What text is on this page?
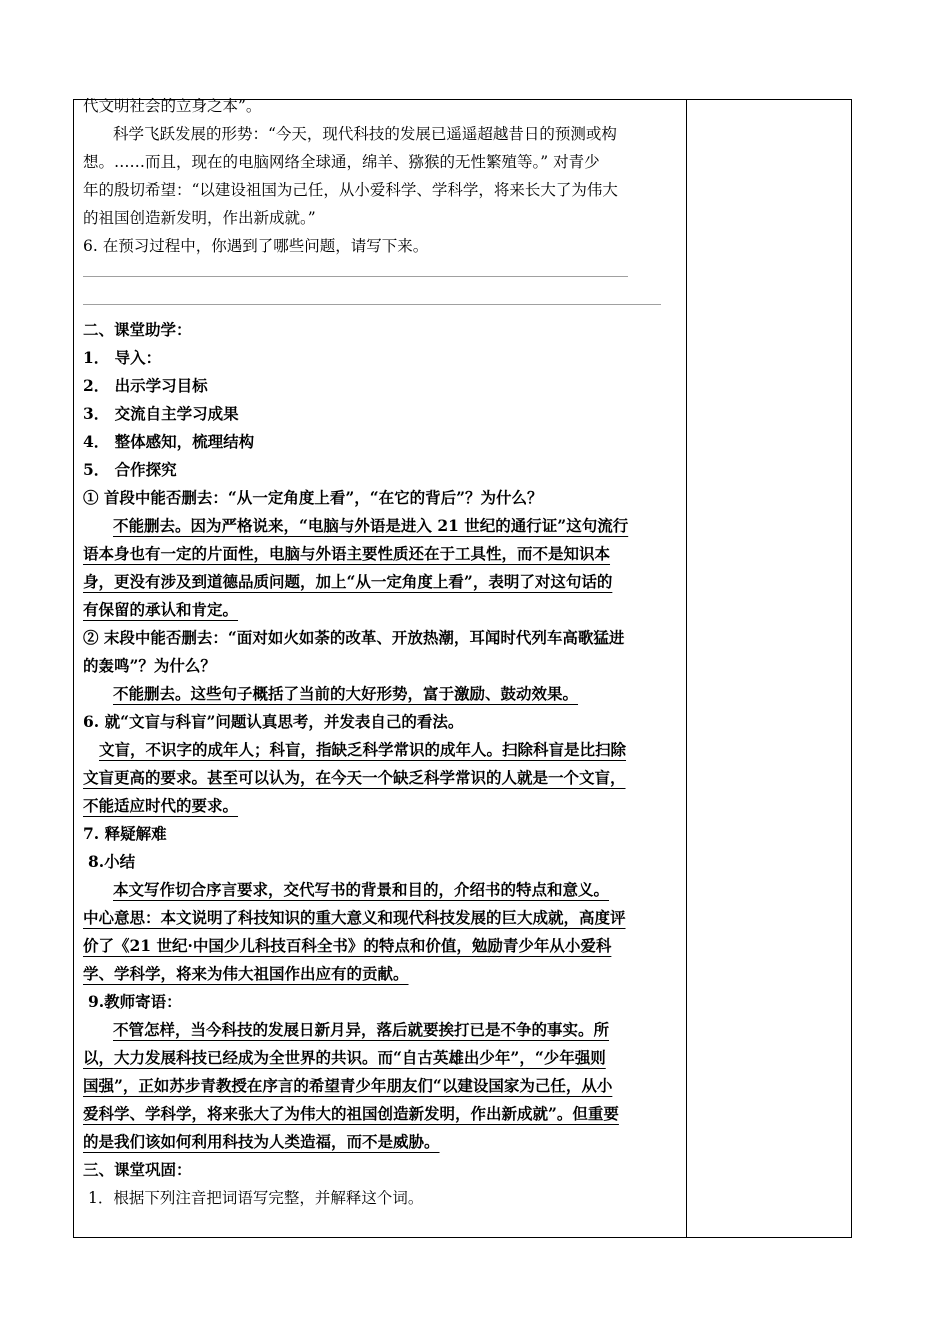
代文明社会的立身之本”。
科学飞跃发展的形势：“今天，现代科技的发展已遥遥超越昔日的预测或构
想。……而且，现在的电脑网络全球通，绵羊、猕猴的无性繁殖等。” 对青少
年的殷切希望：“以建设祖国为己任，从小爱科学、学科学，将来长大了为伟大
的祖国创造新发明，作出新成就。”
6. 在预习过程中，你遇到了哪些问题，请写下来。
二、课堂助学：
1． 导入：
2． 出示学习目标
3． 交流自主学习成果
4． 整体感知，梳理结构
5． 合作探究
① 首段中能否删去：“从一定角度上看”，“在它的背后”？为什么？
不能删去。因为严格说来，“电脑与外语是进入 21 世纪的通行证”这句流行
语本身也有一定的片面性，电脑与外语主要性质还在于工具性，而不是知识本
身，更没有涉及到道德品质问题，加上“从一定角度上看”，表明了对这句话的
有保留的承认和肯定。
② 末段中能否删去：“面对如火如荼的改革、开放热潮，耳闻时代列车高歌猛进
的轰鸣”？为什么？
不能删去。这些句子概括了当前的大好形势，富于激励、鼓动效果。
6. 就“文盲与科盲”问题认真思考，并发表自己的看法。
文盲，不识字的成年人；科盲，指缺乏科学常识的成年人。扫除科盲是比扫除
文盲更高的要求。甚至可以认为，在今天一个缺乏科学常识的人就是一个文盲，
不能适应时代的要求。
7. 释疑解难
8.小结
本文写作切合序言要求，交代写书的背景和目的，介绍书的特点和意义。
中心意思：本文说明了科技知识的重大意义和现代科技发展的巨大成就，高度评
价了《21 世纪·中国少儿科技百科全书》的特点和价值，勉励青少年从小爱科
学、学科学，将来为伟大祖国作出应有的贡献。
9.教师寄语：
不管怎样，当今科技的发展日新月异，落后就要挨打已是不争的事实。所
以，大力发展科技已经成为全世界的共识。而“自古英雄出少年”，“少年强则
国强”，正如苏步青教授在序言的希望青少年朋友们“以建设国家为己任，从小
爱科学、学科学，将来张大了为伟大的祖国创造新发明，作出新成就”。但重要
的是我们该如何利用科技为人类造福，而不是威胁。
三、课堂巩固：
1．根据下列注音把词语写完整，并解释这个词。
